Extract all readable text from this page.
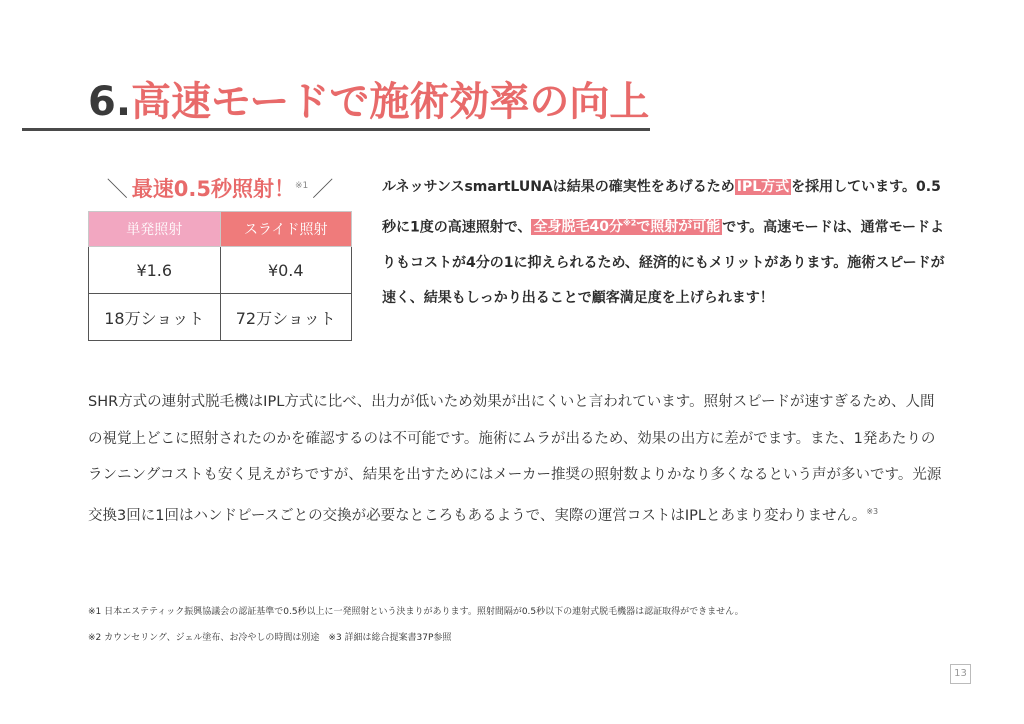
6.高速モードで施術効率の向上
＼ 最速0.5秒照射！$^{※1}$ ／
単発照射	スライド照射
¥1.6	¥0.4
18万ショット	72万ショット

ルネッサンスsmartLUNAは結果の確実性をあげるため IPL方式 を採用しています。0.5秒に1度の高速照射で、 全身脱毛40分$^{※2}$で照射が可能 です。高速モードは、通常モードよりもコストが4分の1に抑えられるため、経済的にもメリットがあります。施術スピードが速く、結果もしっかり出ることで顧客満足度を上げられます！

SHR方式の連射式脱毛機はIPL方式に比べ、出力が低いため効果が出にくいと言われています。照射スピードが速すぎるため、人間の視覚上どこに照射されたのかを確認するのは不可能です。施術にムラが出るため、効果の出方に差がでます。また、1発あたりのランニングコストも安く見えがちですが、結果を出すためにはメーカー推奨の照射数よりかなり多くなるという声が多いです。光源交換3回に1回はハンドピースごとの交換が必要なところもあるようで、実際の運営コストはIPLとあまり変わりません。$^{※3}$

※1 日本エステティック振興協議会の認証基準で0.5秒以上に一発照射という決まりがあります。照射間隔が0.5秒以下の連射式脱毛機器は認証取得ができません。

※2 カウンセリング、ジェル塗布、お冷やしの時間は別途　※3 詳細は総合提案書37P参照

13
